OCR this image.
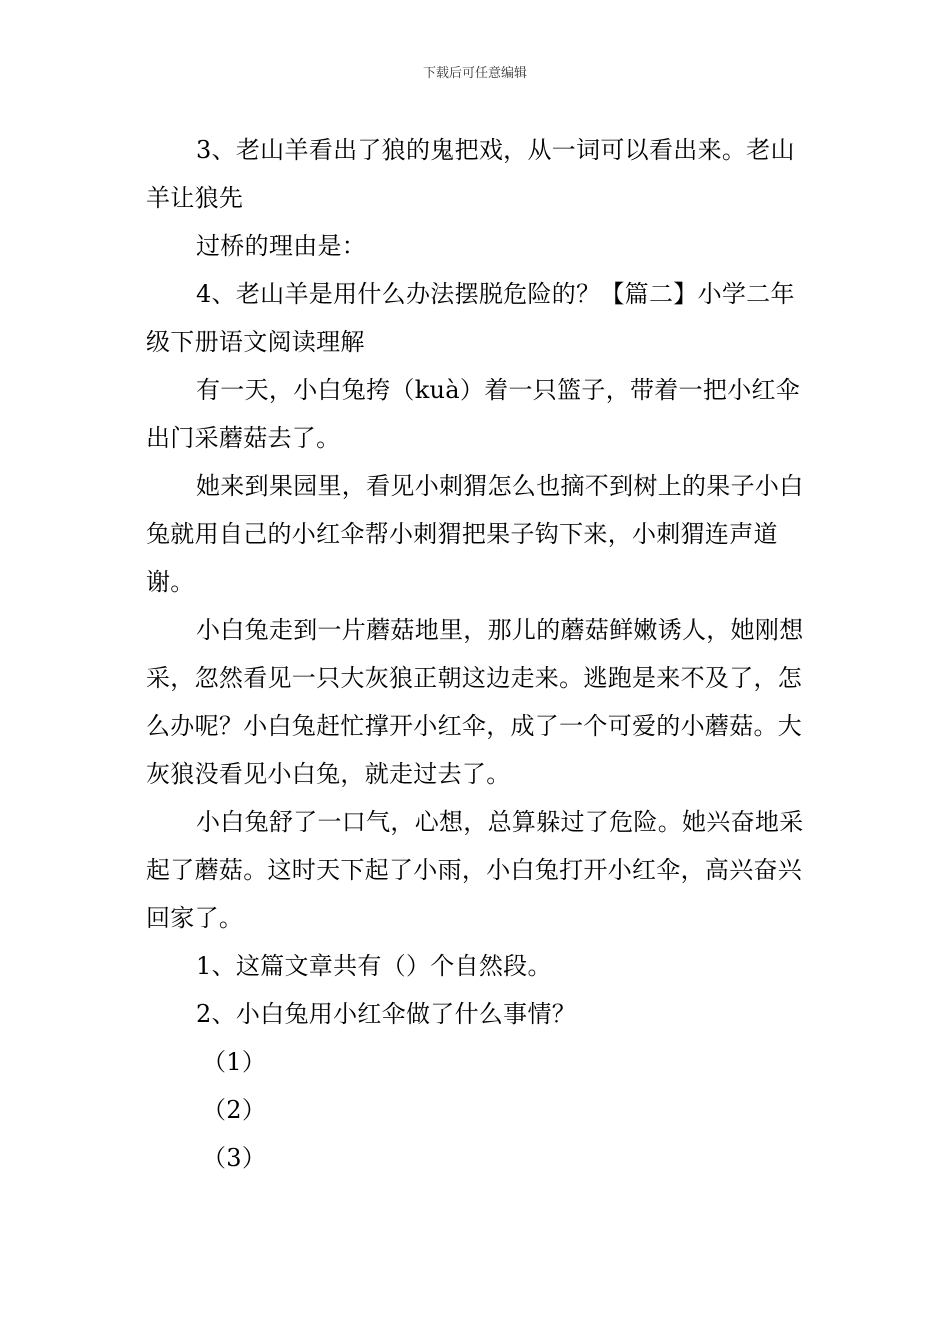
下载后可任意编辑

3、老山羊看出了狼的鬼把戏，从一词可以看出来。老山羊让狼先

过桥的理由是：

4、老山羊是用什么办法摆脱危险的？【篇二】小学二年级下册语文阅读理解

有一天，小白兔挎（kuà）着一只篮子，带着一把小红伞出门采蘑菇去了。

她来到果园里，看见小刺猬怎么也摘不到树上的果子小白兔就用自己的小红伞帮小刺猬把果子钩下来，小刺猬连声道谢。

小白兔走到一片蘑菇地里，那儿的蘑菇鲜嫩诱人，她刚想采，忽然看见一只大灰狼正朝这边走来。逃跑是来不及了，怎么办呢？小白兔赶忙撑开小红伞，成了一个可爱的小蘑菇。大灰狼没看见小白兔，就走过去了。

小白兔舒了一口气，心想，总算躲过了危险。她兴奋地采起了蘑菇。这时天下起了小雨，小白兔打开小红伞，高兴奋兴回家了。

1、这篇文章共有（）个自然段。

2、小白兔用小红伞做了什么事情？

（1）

（2）

（3）
